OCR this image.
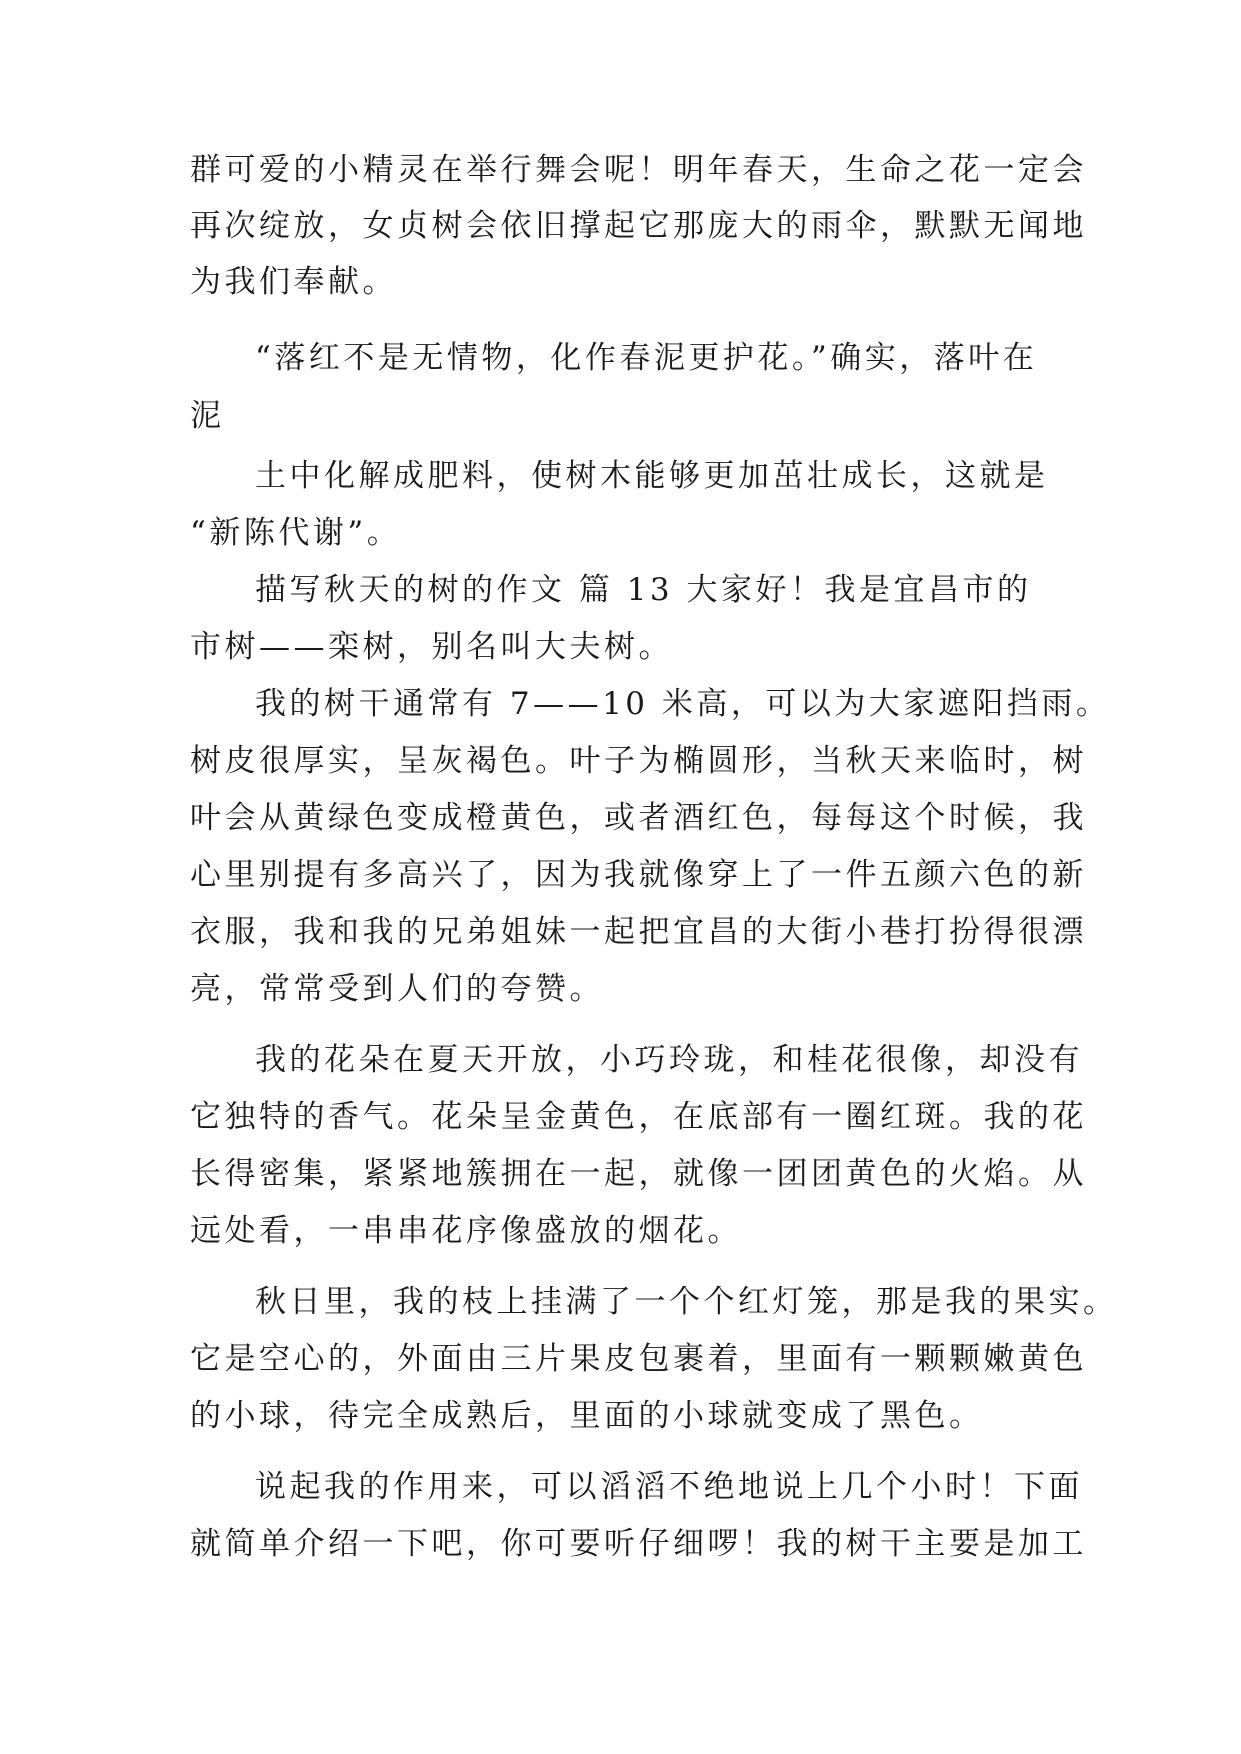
群可爱的小精灵在举行舞会呢！明年春天，生命之花一定会
再次绽放，女贞树会依旧撑起它那庞大的雨伞，默默无闻地
为我们奉献。
“落红不是无情物，化作春泥更护花。”确实，落叶在
泥
土中化解成肥料，使树木能够更加茁壮成长，这就是
“新陈代谢”。
描写秋天的树的作文 篇 13 大家好！我是宜昌市的
市树——栾树，别名叫大夫树。
我的树干通常有 7——10 米高，可以为大家遮阳挡雨。
树皮很厚实，呈灰褐色。叶子为椭圆形，当秋天来临时，树
叶会从黄绿色变成橙黄色，或者酒红色，每每这个时候，我
心里别提有多高兴了，因为我就像穿上了一件五颜六色的新
衣服，我和我的兄弟姐妹一起把宜昌的大街小巷打扮得很漂
亮，常常受到人们的夸赞。
我的花朵在夏天开放，小巧玲珑，和桂花很像，却没有
它独特的香气。花朵呈金黄色，在底部有一圈红斑。我的花
长得密集，紧紧地簇拥在一起，就像一团团黄色的火焰。从
远处看，一串串花序像盛放的烟花。
秋日里，我的枝上挂满了一个个红灯笼，那是我的果实。
它是空心的，外面由三片果皮包裹着，里面有一颗颗嫩黄色
的小球，待完全成熟后，里面的小球就变成了黑色。
说起我的作用来，可以滔滔不绝地说上几个小时！下面
就简单介绍一下吧，你可要听仔细啰！我的树干主要是加工
